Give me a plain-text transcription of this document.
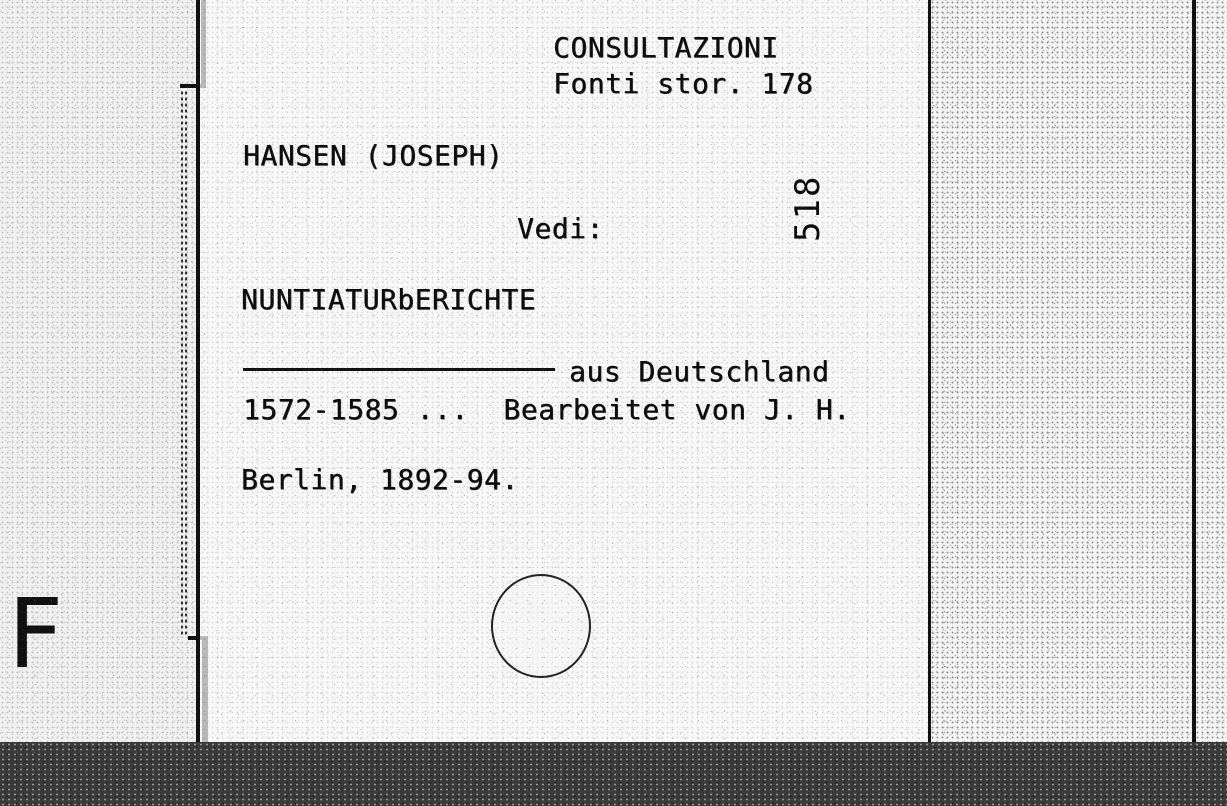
F
CONSULTAZIONI
Fonti stor. 178
HANSEN (JOSEPH)
Vedi:	518
NUNTIATURbERICHTE
aus Deutschland
1572-1585 ...  Bearbeitet von J. H.
Berlin, 1892-94.
